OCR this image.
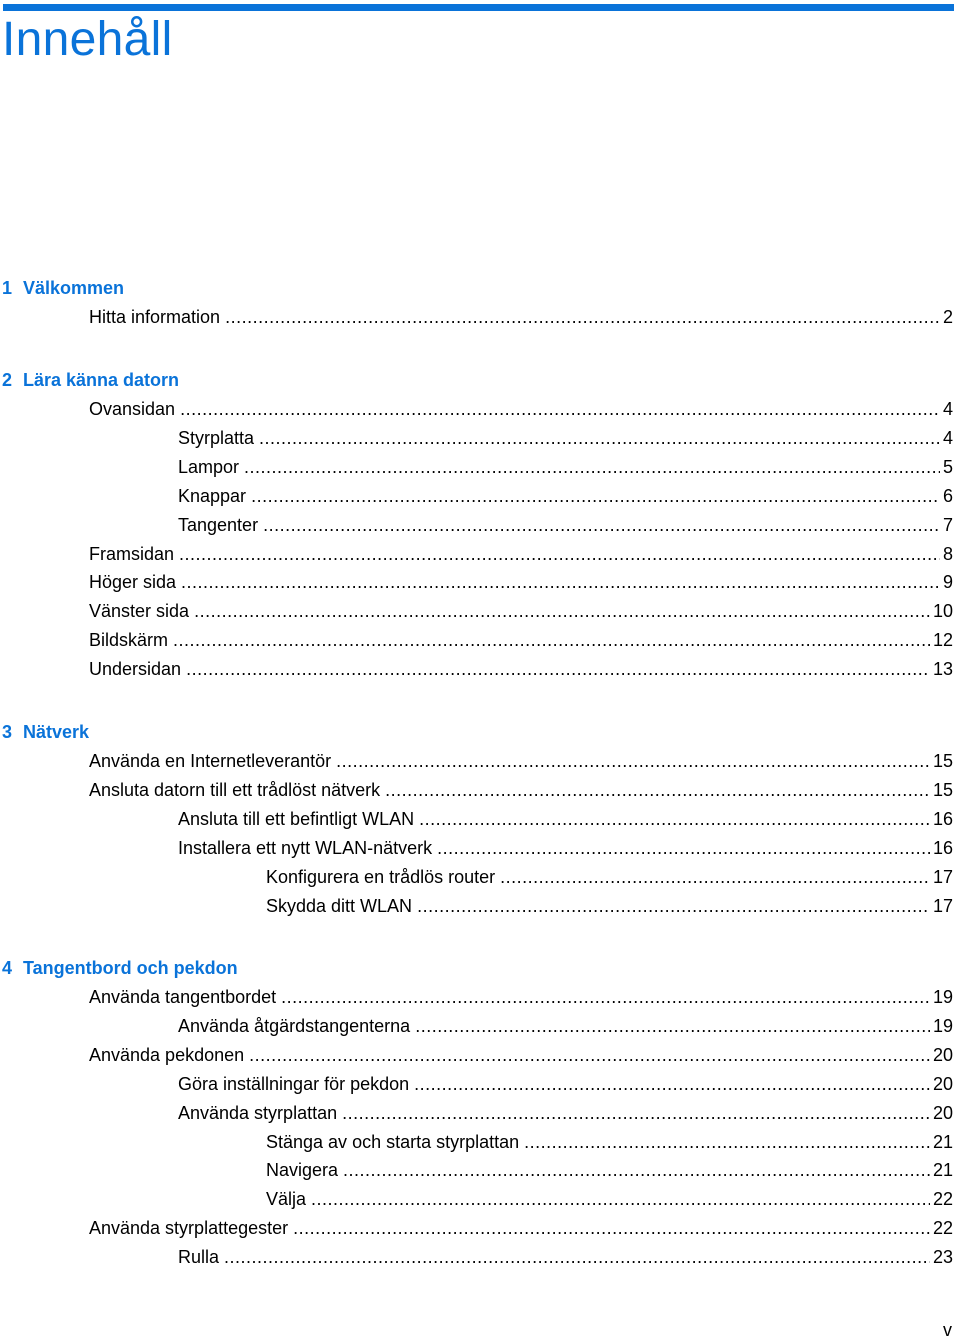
Innehåll
1 Välkommen
Hitta information .....	2
2 Lära känna datorn
Ovansidan .....	4
Styrplatta .....	4
Lampor .....	5
Knappar .....	6
Tangenter .....	7
Framsidan .....	8
Höger sida .....	9
Vänster sida .....	10
Bildskärm .....	12
Undersidan .....	13
3 Nätverk
Använda en Internetleverantör .....	15
Ansluta datorn till ett trådlöst nätverk .....	15
Ansluta till ett befintligt WLAN .....	16
Installera ett nytt WLAN-nätverk .....	16
Konfigurera en trådlös router .....	17
Skydda ditt WLAN .....	17
4 Tangentbord och pekdon
Använda tangentbordet .....	19
Använda åtgärdstangenterna .....	19
Använda pekdonen .....	20
Göra inställningar för pekdon .....	20
Använda styrplattan .....	20
Stänga av och starta styrplattan .....	21
Navigera .....	21
Välja .....	22
Använda styrplattegester .....	22
Rulla .....	23
v
